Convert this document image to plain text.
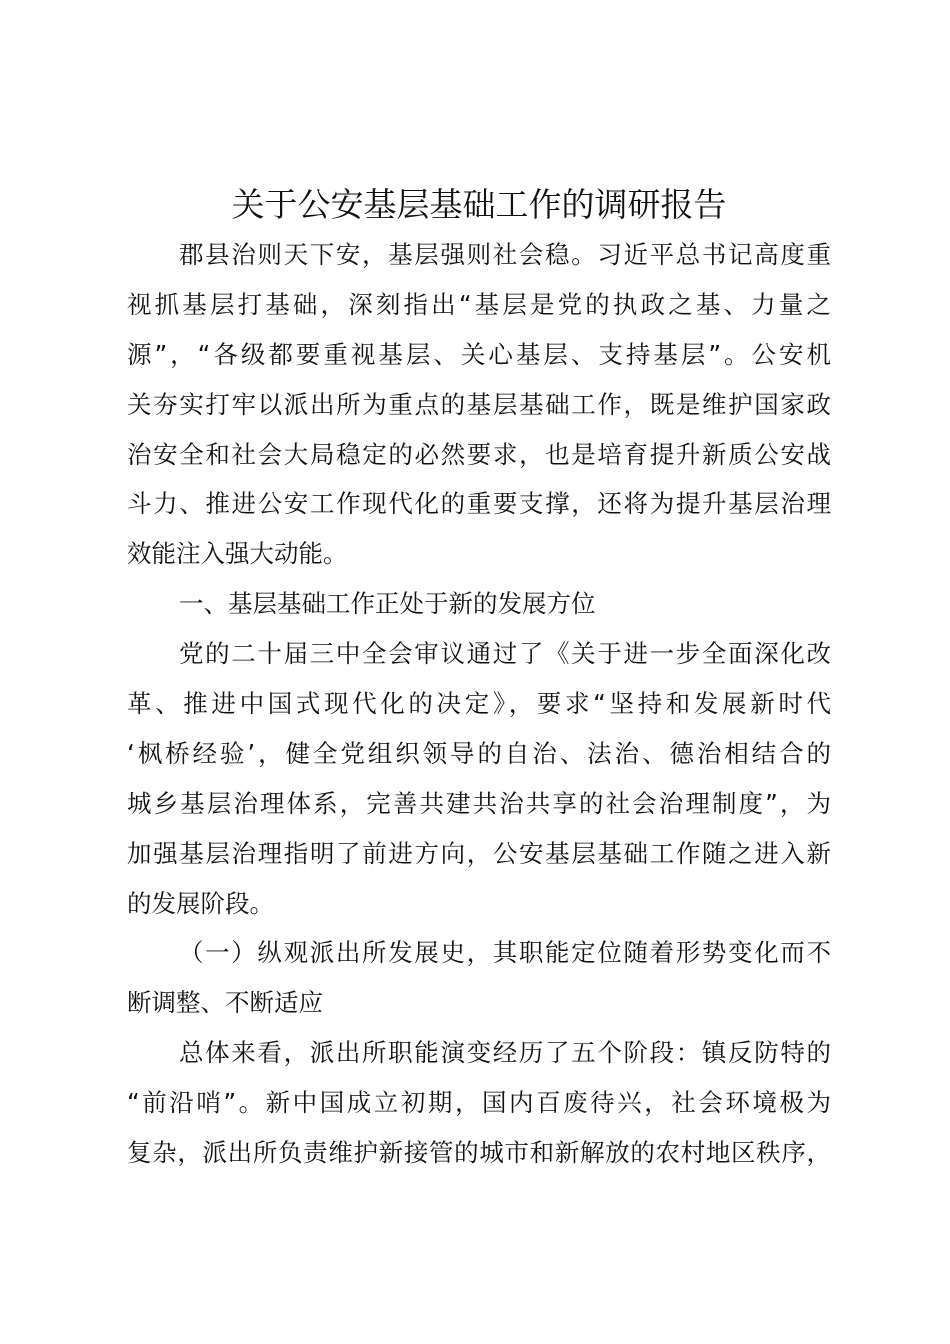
关于公安基层基础工作的调研报告
郡县治则天下安，基层强则社会稳。习近平总书记高度重
视抓基层打基础，深刻指出“基层是党的执政之基、力量之
源”，“各级都要重视基层、关心基层、支持基层”。公安机
关夯实打牢以派出所为重点的基层基础工作，既是维护国家政
治安全和社会大局稳定的必然要求，也是培育提升新质公安战
斗力、推进公安工作现代化的重要支撑，还将为提升基层治理
效能注入强大动能。
一、基层基础工作正处于新的发展方位
党的二十届三中全会审议通过了《关于进一步全面深化改
革、推进中国式现代化的决定》，要求“坚持和发展新时代
‘枫桥经验’，健全党组织领导的自治、法治、德治相结合的
城乡基层治理体系，完善共建共治共享的社会治理制度”，为
加强基层治理指明了前进方向，公安基层基础工作随之进入新
的发展阶段。
（一）纵观派出所发展史，其职能定位随着形势变化而不
断调整、不断适应
总体来看，派出所职能演变经历了五个阶段：镇反防特的
“前沿哨”。新中国成立初期，国内百废待兴，社会环境极为
复杂，派出所负责维护新接管的城市和新解放的农村地区秩序，
